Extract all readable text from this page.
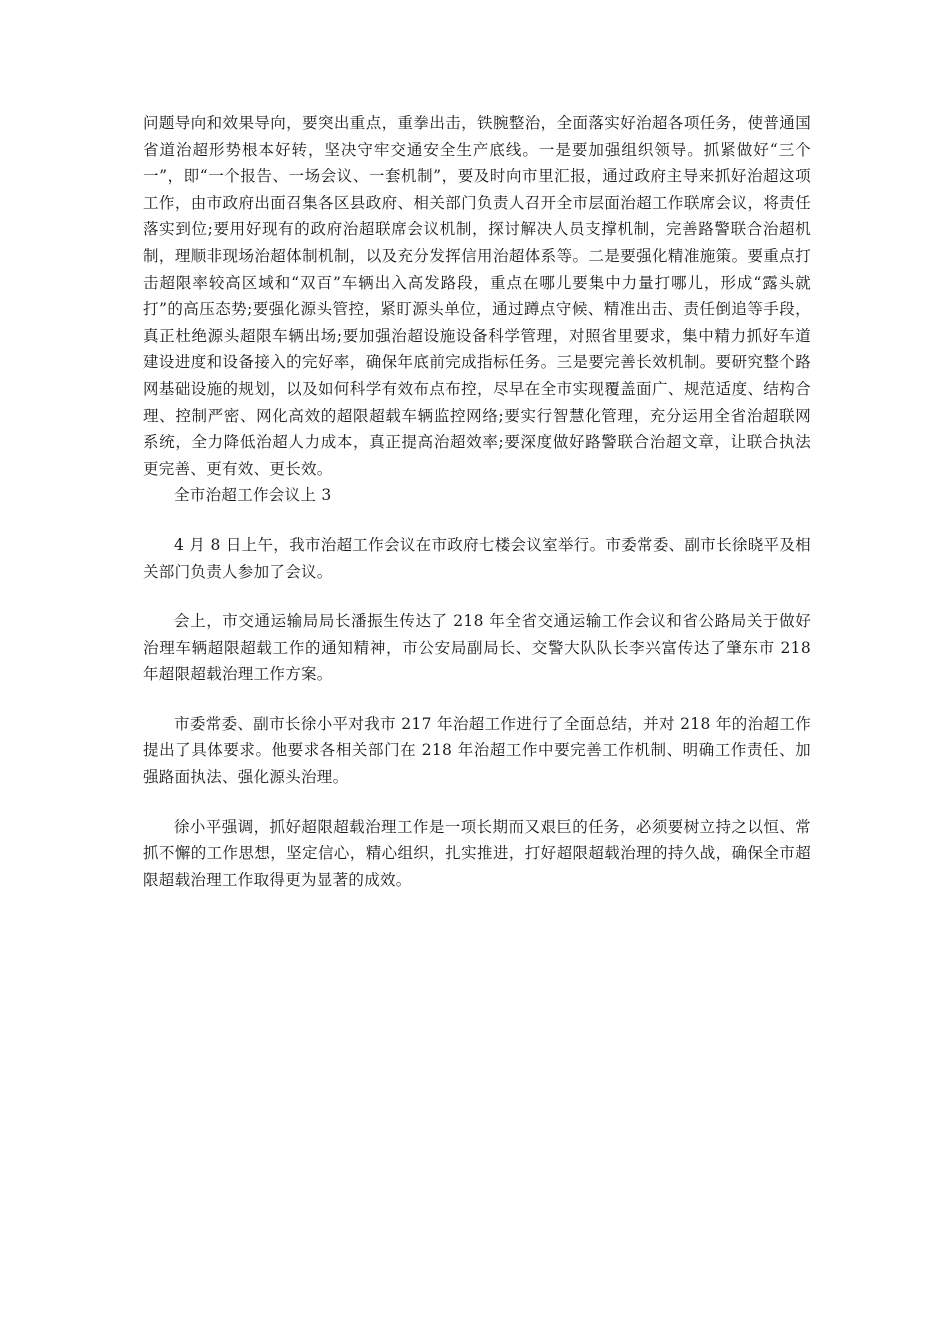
问题导向和效果导向，要突出重点，重拳出击，铁腕整治，全面落实好治超各项任务，使普通国省道治超形势根本好转，坚决守牢交通安全生产底线。一是要加强组织领导。抓紧做好“三个一”，即“一个报告、一场会议、一套机制”，要及时向市里汇报，通过政府主导来抓好治超这项工作，由市政府出面召集各区县政府、相关部门负责人召开全市层面治超工作联席会议，将责任落实到位;要用好现有的政府治超联席会议机制，探讨解决人员支撑机制，完善路警联合治超机制，理顺非现场治超体制机制，以及充分发挥信用治超体系等。二是要强化精准施策。要重点打击超限率较高区域和“双百”车辆出入高发路段，重点在哪儿要集中力量打哪儿，形成“露头就打”的高压态势;要强化源头管控，紧盯源头单位，通过蹲点守候、精准出击、责任倒追等手段，真正杜绝源头超限车辆出场;要加强治超设施设备科学管理，对照省里要求，集中精力抓好车道建设进度和设备接入的完好率，确保年底前完成指标任务。三是要完善长效机制。要研究整个路网基础设施的规划，以及如何科学有效布点布控，尽早在全市实现覆盖面广、规范适度、结构合理、控制严密、网化高效的超限超载车辆监控网络;要实行智慧化管理，充分运用全省治超联网系统，全力降低治超人力成本，真正提高治超效率;要深度做好路警联合治超文章，让联合执法更完善、更有效、更长效。

全市治超工作会议上 3

4 月 8 日上午，我市治超工作会议在市政府七楼会议室举行。市委常委、副市长徐晓平及相关部门负责人参加了会议。

会上，市交通运输局局长潘振生传达了 218 年全省交通运输工作会议和省公路局关于做好治理车辆超限超载工作的通知精神，市公安局副局长、交警大队队长李兴富传达了肇东市 218 年超限超载治理工作方案。

市委常委、副市长徐小平对我市 217 年治超工作进行了全面总结，并对 218 年的治超工作提出了具体要求。他要求各相关部门在 218 年治超工作中要完善工作机制、明确工作责任、加强路面执法、强化源头治理。

徐小平强调，抓好超限超载治理工作是一项长期而又艰巨的任务，必须要树立持之以恒、常抓不懈的工作思想，坚定信心，精心组织，扎实推进，打好超限超载治理的持久战，确保全市超限超载治理工作取得更为显著的成效。
